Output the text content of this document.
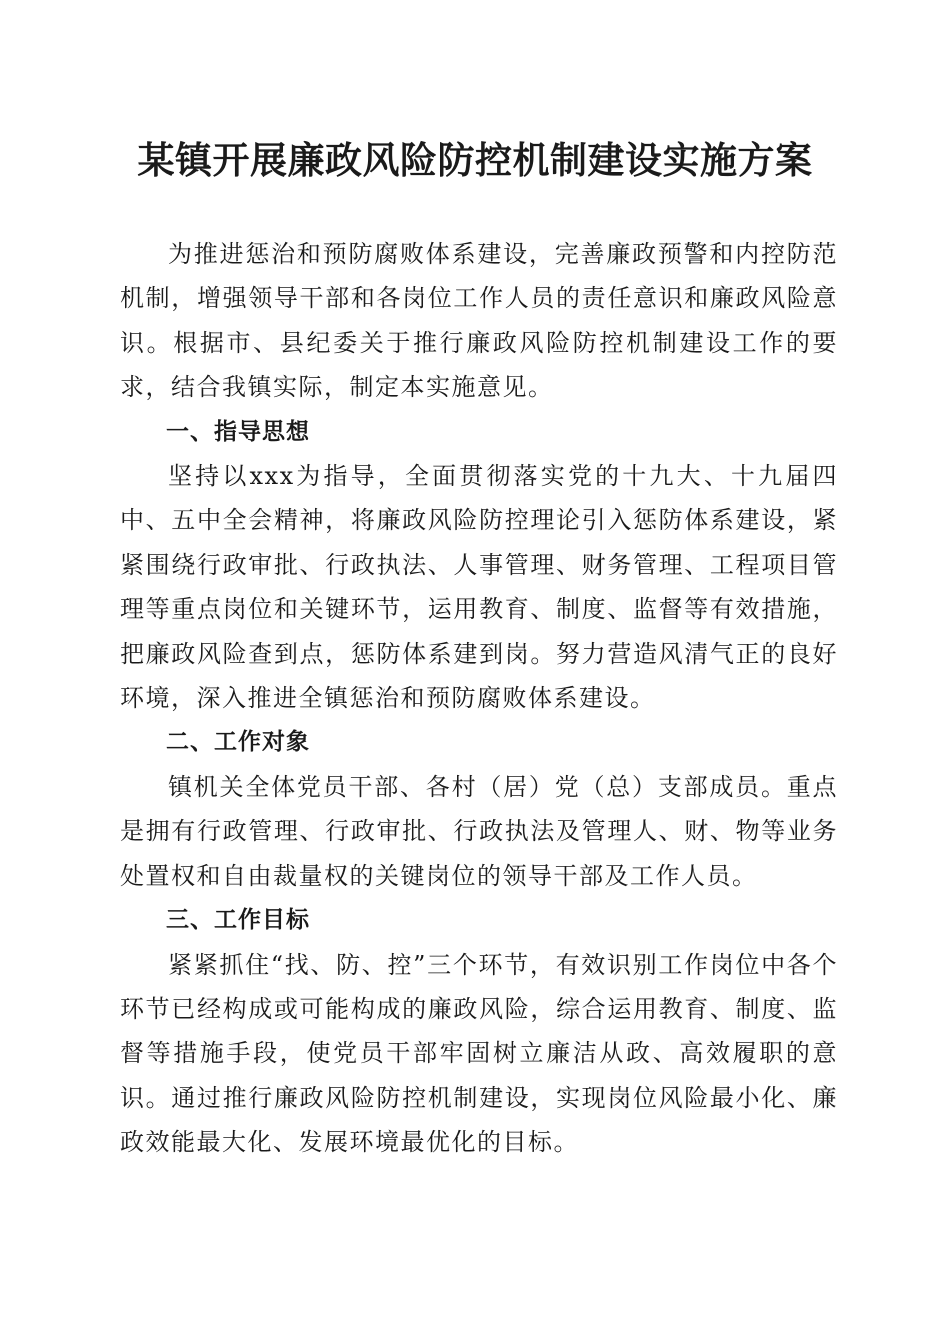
某镇开展廉政风险防控机制建设实施方案

为推进惩治和预防腐败体系建设，完善廉政预警和内控防范机制，增强领导干部和各岗位工作人员的责任意识和廉政风险意识。根据市、县纪委关于推行廉政风险防控机制建设工作的要求，结合我镇实际，制定本实施意见。

一、指导思想

坚持以xxx为指导，全面贯彻落实党的十九大、十九届四中、五中全会精神，将廉政风险防控理论引入惩防体系建设，紧紧围绕行政审批、行政执法、人事管理、财务管理、工程项目管理等重点岗位和关键环节，运用教育、制度、监督等有效措施，把廉政风险查到点，惩防体系建到岗。努力营造风清气正的良好环境，深入推进全镇惩治和预防腐败体系建设。

二、工作对象

镇机关全体党员干部、各村（居）党（总）支部成员。重点是拥有行政管理、行政审批、行政执法及管理人、财、物等业务处置权和自由裁量权的关键岗位的领导干部及工作人员。

三、工作目标

紧紧抓住“找、防、控”三个环节，有效识别工作岗位中各个环节已经构成或可能构成的廉政风险，综合运用教育、制度、监督等措施手段，使党员干部牢固树立廉洁从政、高效履职的意识。通过推行廉政风险防控机制建设，实现岗位风险最小化、廉政效能最大化、发展环境最优化的目标。
